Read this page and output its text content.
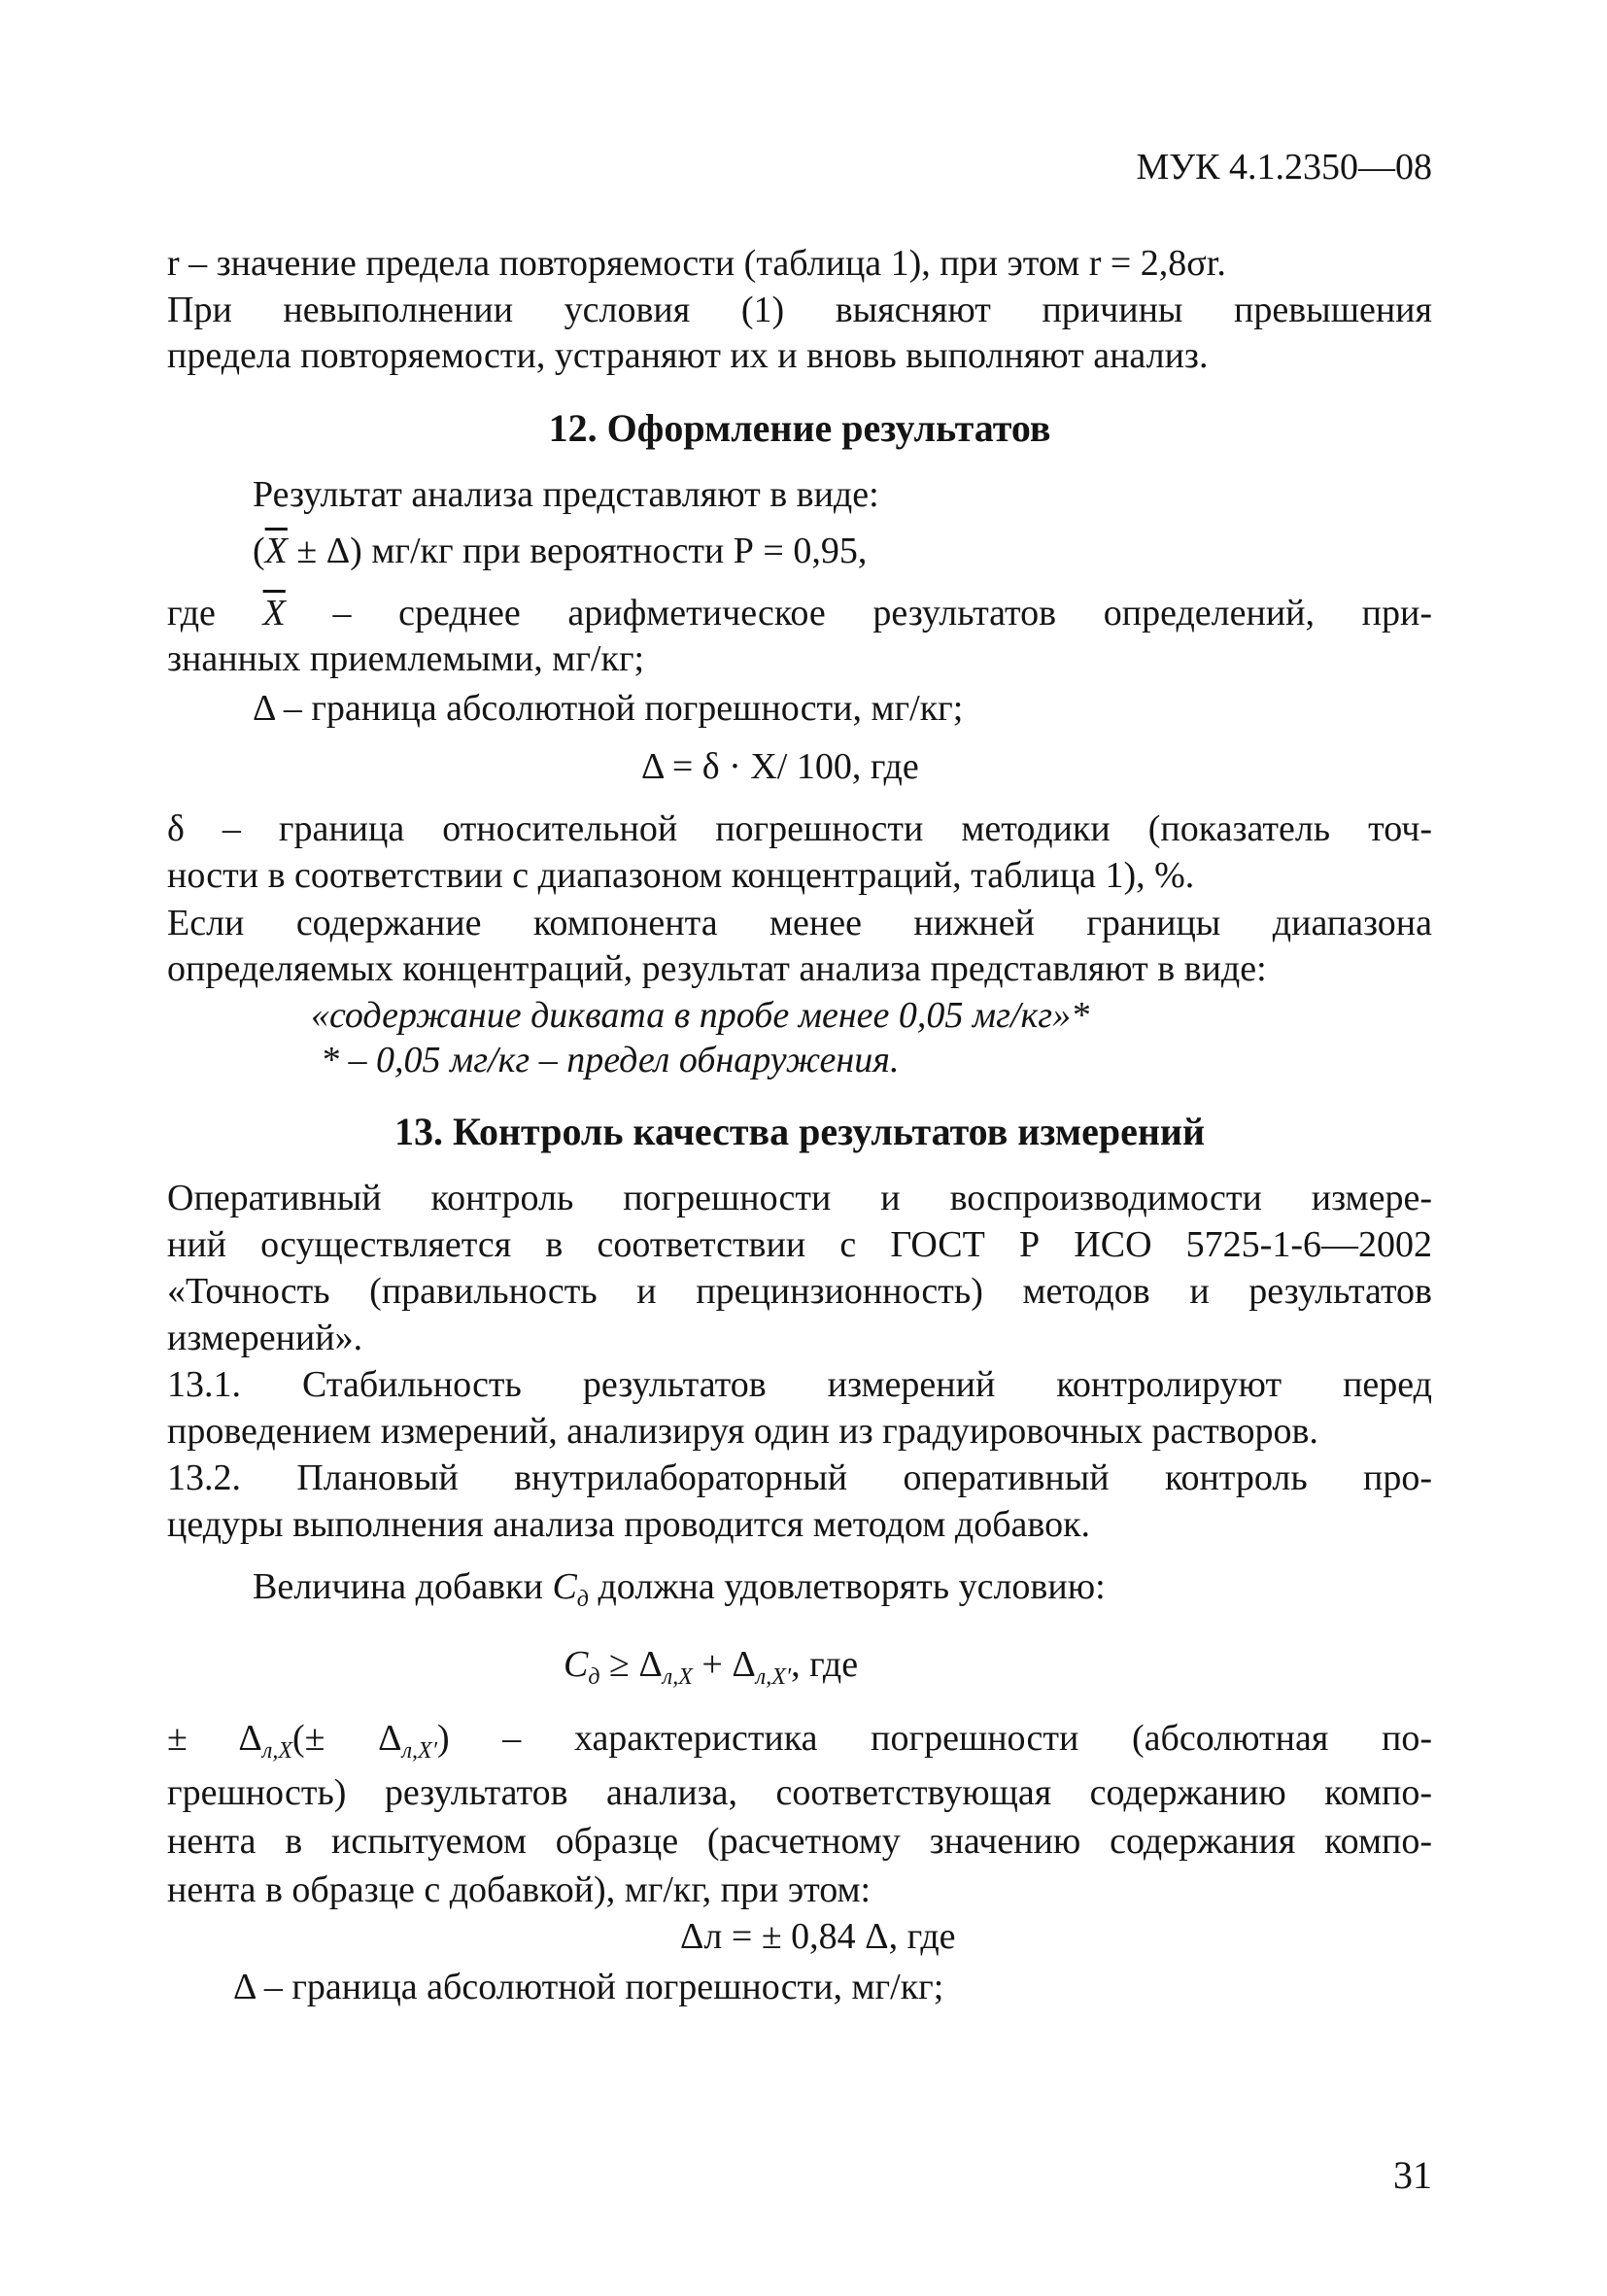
МУК 4.1.2350—08
r – значение предела повторяемости (таблица 1), при этом r = 2,8σr.
При невыполнении условия (1) выясняют причины превышения
предела повторяемости, устраняют их и вновь выполняют анализ.
12. Оформление результатов
Результат анализа представляют в виде:
$(\overline{X} \pm \Delta)$ мг/кг при вероятности Р = 0,95,
где $\overline{X}$ – среднее арифметическое результатов определений, при-
знанных приемлемыми, мг/кг;
Δ – граница абсолютной погрешности, мг/кг;
Δ = δ · X/ 100, где
δ – граница относительной погрешности методики (показатель точ-
ности в соответствии с диапазоном концентраций, таблица 1), %.
Если содержание компонента менее нижней границы диапазона
определяемых концентраций, результат анализа представляют в виде:
«содержание диквата в пробе менее 0,05 мг/кг»*
* – 0,05 мг/кг – предел обнаружения.
13. Контроль качества результатов измерений
Оперативный контроль погрешности и воспроизводимости измере-
ний осуществляется в соответствии с ГОСТ Р ИСО 5725-1-6—2002
«Точность (правильность и прецинзионность) методов и результатов
измерений».
13.1. Стабильность результатов измерений контролируют перед
проведением измерений, анализируя один из градуировочных растворов.
13.2. Плановый внутрилабораторный оперативный контроль про-
цедуры выполнения анализа проводится методом добавок.
Величина добавки $C_д$ должна удовлетворять условию:
$C_д \ge \Delta_{л,X} + \Delta_{л,X'}$, где
± $\Delta_{л,X}(\pm \Delta_{л,X'})$ – характеристика погрешности (абсолютная по-
грешность) результатов анализа, соответствующая содержанию компо-
нента в испытуемом образце (расчетному значению содержания компо-
нента в образце с добавкой), мг/кг, при этом:
Δл = ± 0,84 Δ, где
Δ – граница абсолютной погрешности, мг/кг;
31
